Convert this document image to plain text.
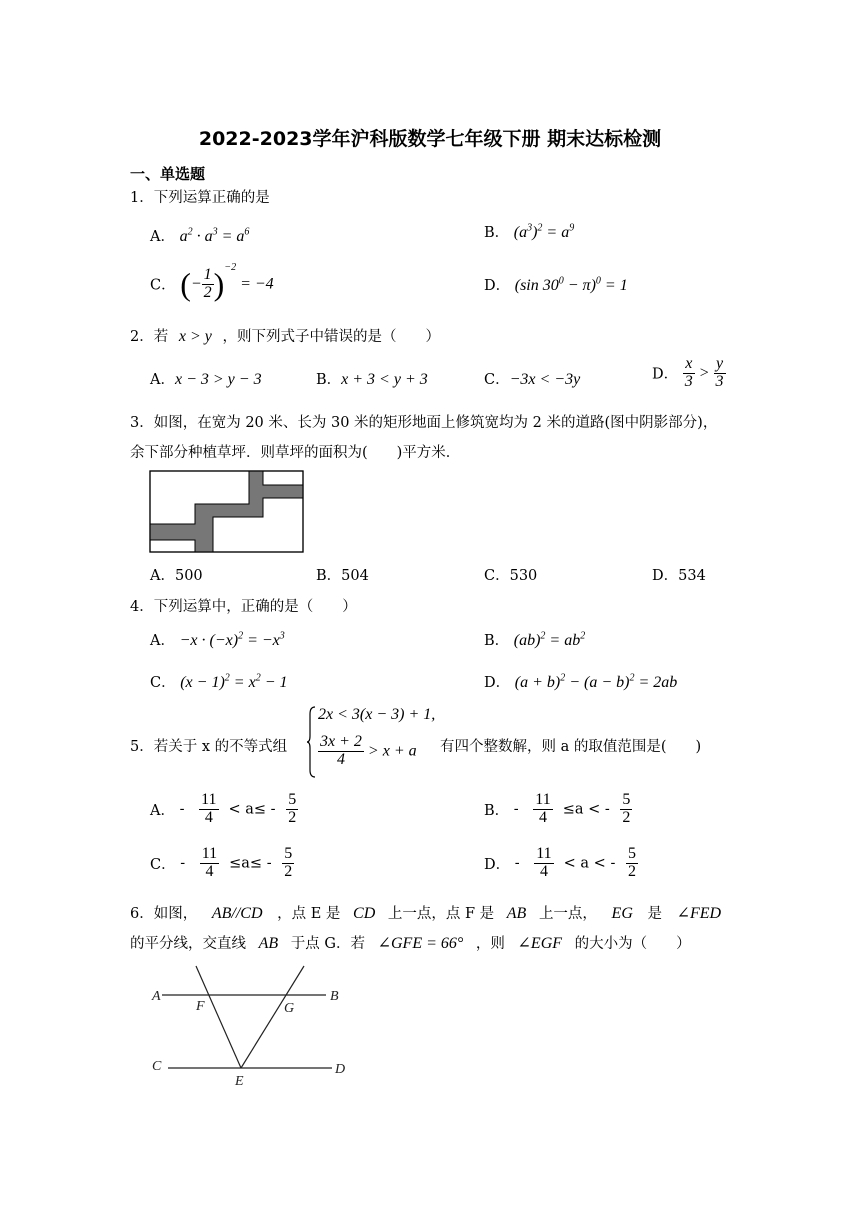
2022-2023学年沪科版数学七年级下册 期末达标检测
一、单选题
1．下列运算正确的是
A． $a^2 \cdot a^3 = a^6$	B． $(a^3)^2 = a^9$
C． (− $\frac{1}{2} )^{-2} = -4$	D． (sin $30^0 - \pi)^0 = 1$
2．若 x > y ，则下列式子中错误的是（　　）
A．x − 3 > y − 3	B．x + 3 < y + 3	C．−3x < −3y	D． $\frac{x}{3} > \frac{y}{3}$
3．如图，在宽为 20 米、长为 30 米的矩形地面上修筑宽均为 2 米的道路(图中阴影部分)，
余下部分种植草坪．则草坪的面积为(　　)平方米．
A．500	B．504	C．530	D．534
4．下列运算中，正确的是（　　）
A． $-x \cdot (-x)^2 = -x^3$	B． $(ab)^2 = ab^2$
C． $(x - 1)^2 = x^2 - 1$	D． $(a + b)^2 - (a - b)^2 = 2ab$
5．若关于 x 的不等式组
2x < 3(x − 3) + 1,
$\frac{3x + 2}{4} > x + a$ 有四个整数解，则 a 的取值范围是(　　)
A． - $\frac{11}{4} < a\le - \frac{5}{2}$	B． - $\frac{11}{4} \le a$ < - $\frac{5}{2}$
C． - $\frac{11}{4} \le a\le - \frac{5}{2}$	D． - $\frac{11}{4} < a$ < - $\frac{5}{2}$
6．如图， AB//CD ，点 E 是 CD 上一点，点 F 是 AB 上一点， EG 是 ∠FED
的平分线，交直线 AB 于点 G．若 ∠GFE = 66° ，则 ∠EGF 的大小为（　　）
A	B
F	G
C	D
E
